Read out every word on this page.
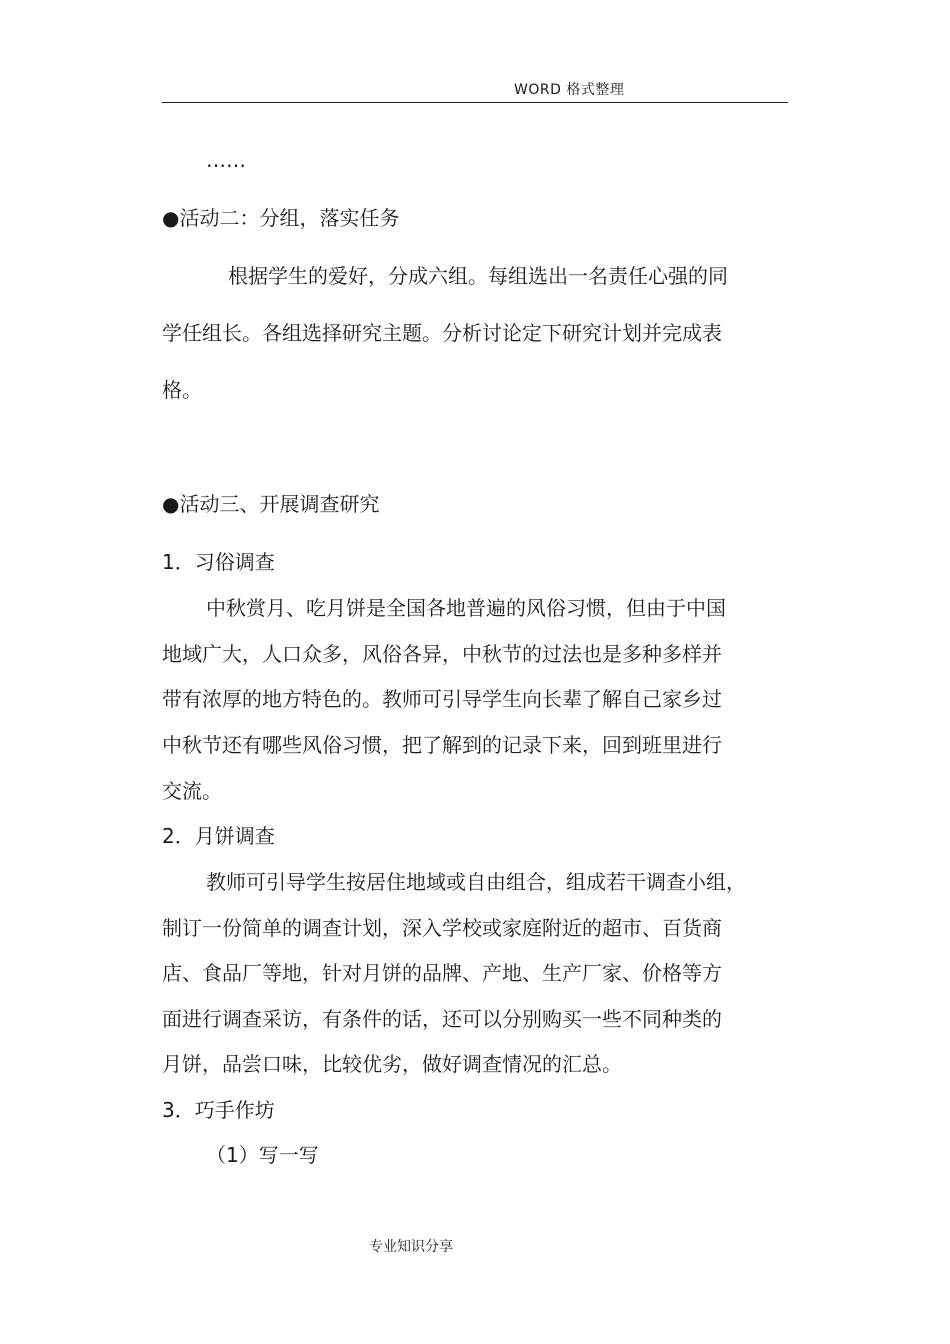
WORD 格式整理
……
●活动二：分组，落实任务
根据学生的爱好，分成六组。每组选出一名责任心强的同
学任组长。各组选择研究主题。分析讨论定下研究计划并完成表
格。
●活动三、开展调查研究
1．习俗调查
中秋赏月、吃月饼是全国各地普遍的风俗习惯，但由于中国
地域广大，人口众多，风俗各异，中秋节的过法也是多种多样并
带有浓厚的地方特色的。教师可引导学生向长辈了解自己家乡过
中秋节还有哪些风俗习惯，把了解到的记录下来，回到班里进行
交流。
2．月饼调查
教师可引导学生按居住地域或自由组合，组成若干调查小组，
制订一份简单的调查计划，深入学校或家庭附近的超市、百货商
店、食品厂等地，针对月饼的品牌、产地、生产厂家、价格等方
面进行调查采访，有条件的话，还可以分别购买一些不同种类的
月饼，品尝口味，比较优劣，做好调查情况的汇总。
3．巧手作坊
（1）写一写
专业知识分享
